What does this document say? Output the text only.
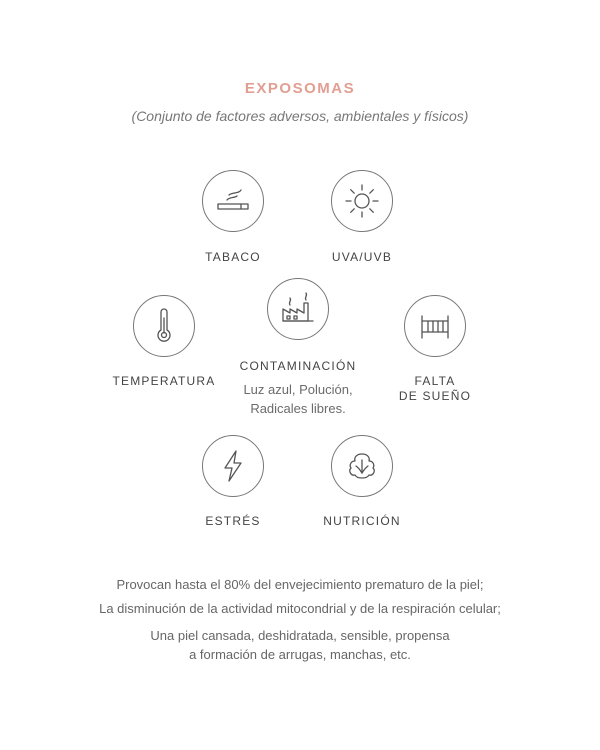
EXPOSOMAS
(Conjunto de factores adversos, ambientales y físicos)
TABACO	UVA/UVB
TEMPERATURA
CONTAMINACIÓN
Luz azul, Polución,
Radicales libres.
FALTA
DE SUEÑO
ESTRÉS	NUTRICIÓN
Provocan hasta el 80% del envejecimiento prematuro de la piel;
La disminución de la actividad mitocondrial y de la respiración celular;
Una piel cansada, deshidratada, sensible, propensa
a formación de arrugas, manchas, etc.
